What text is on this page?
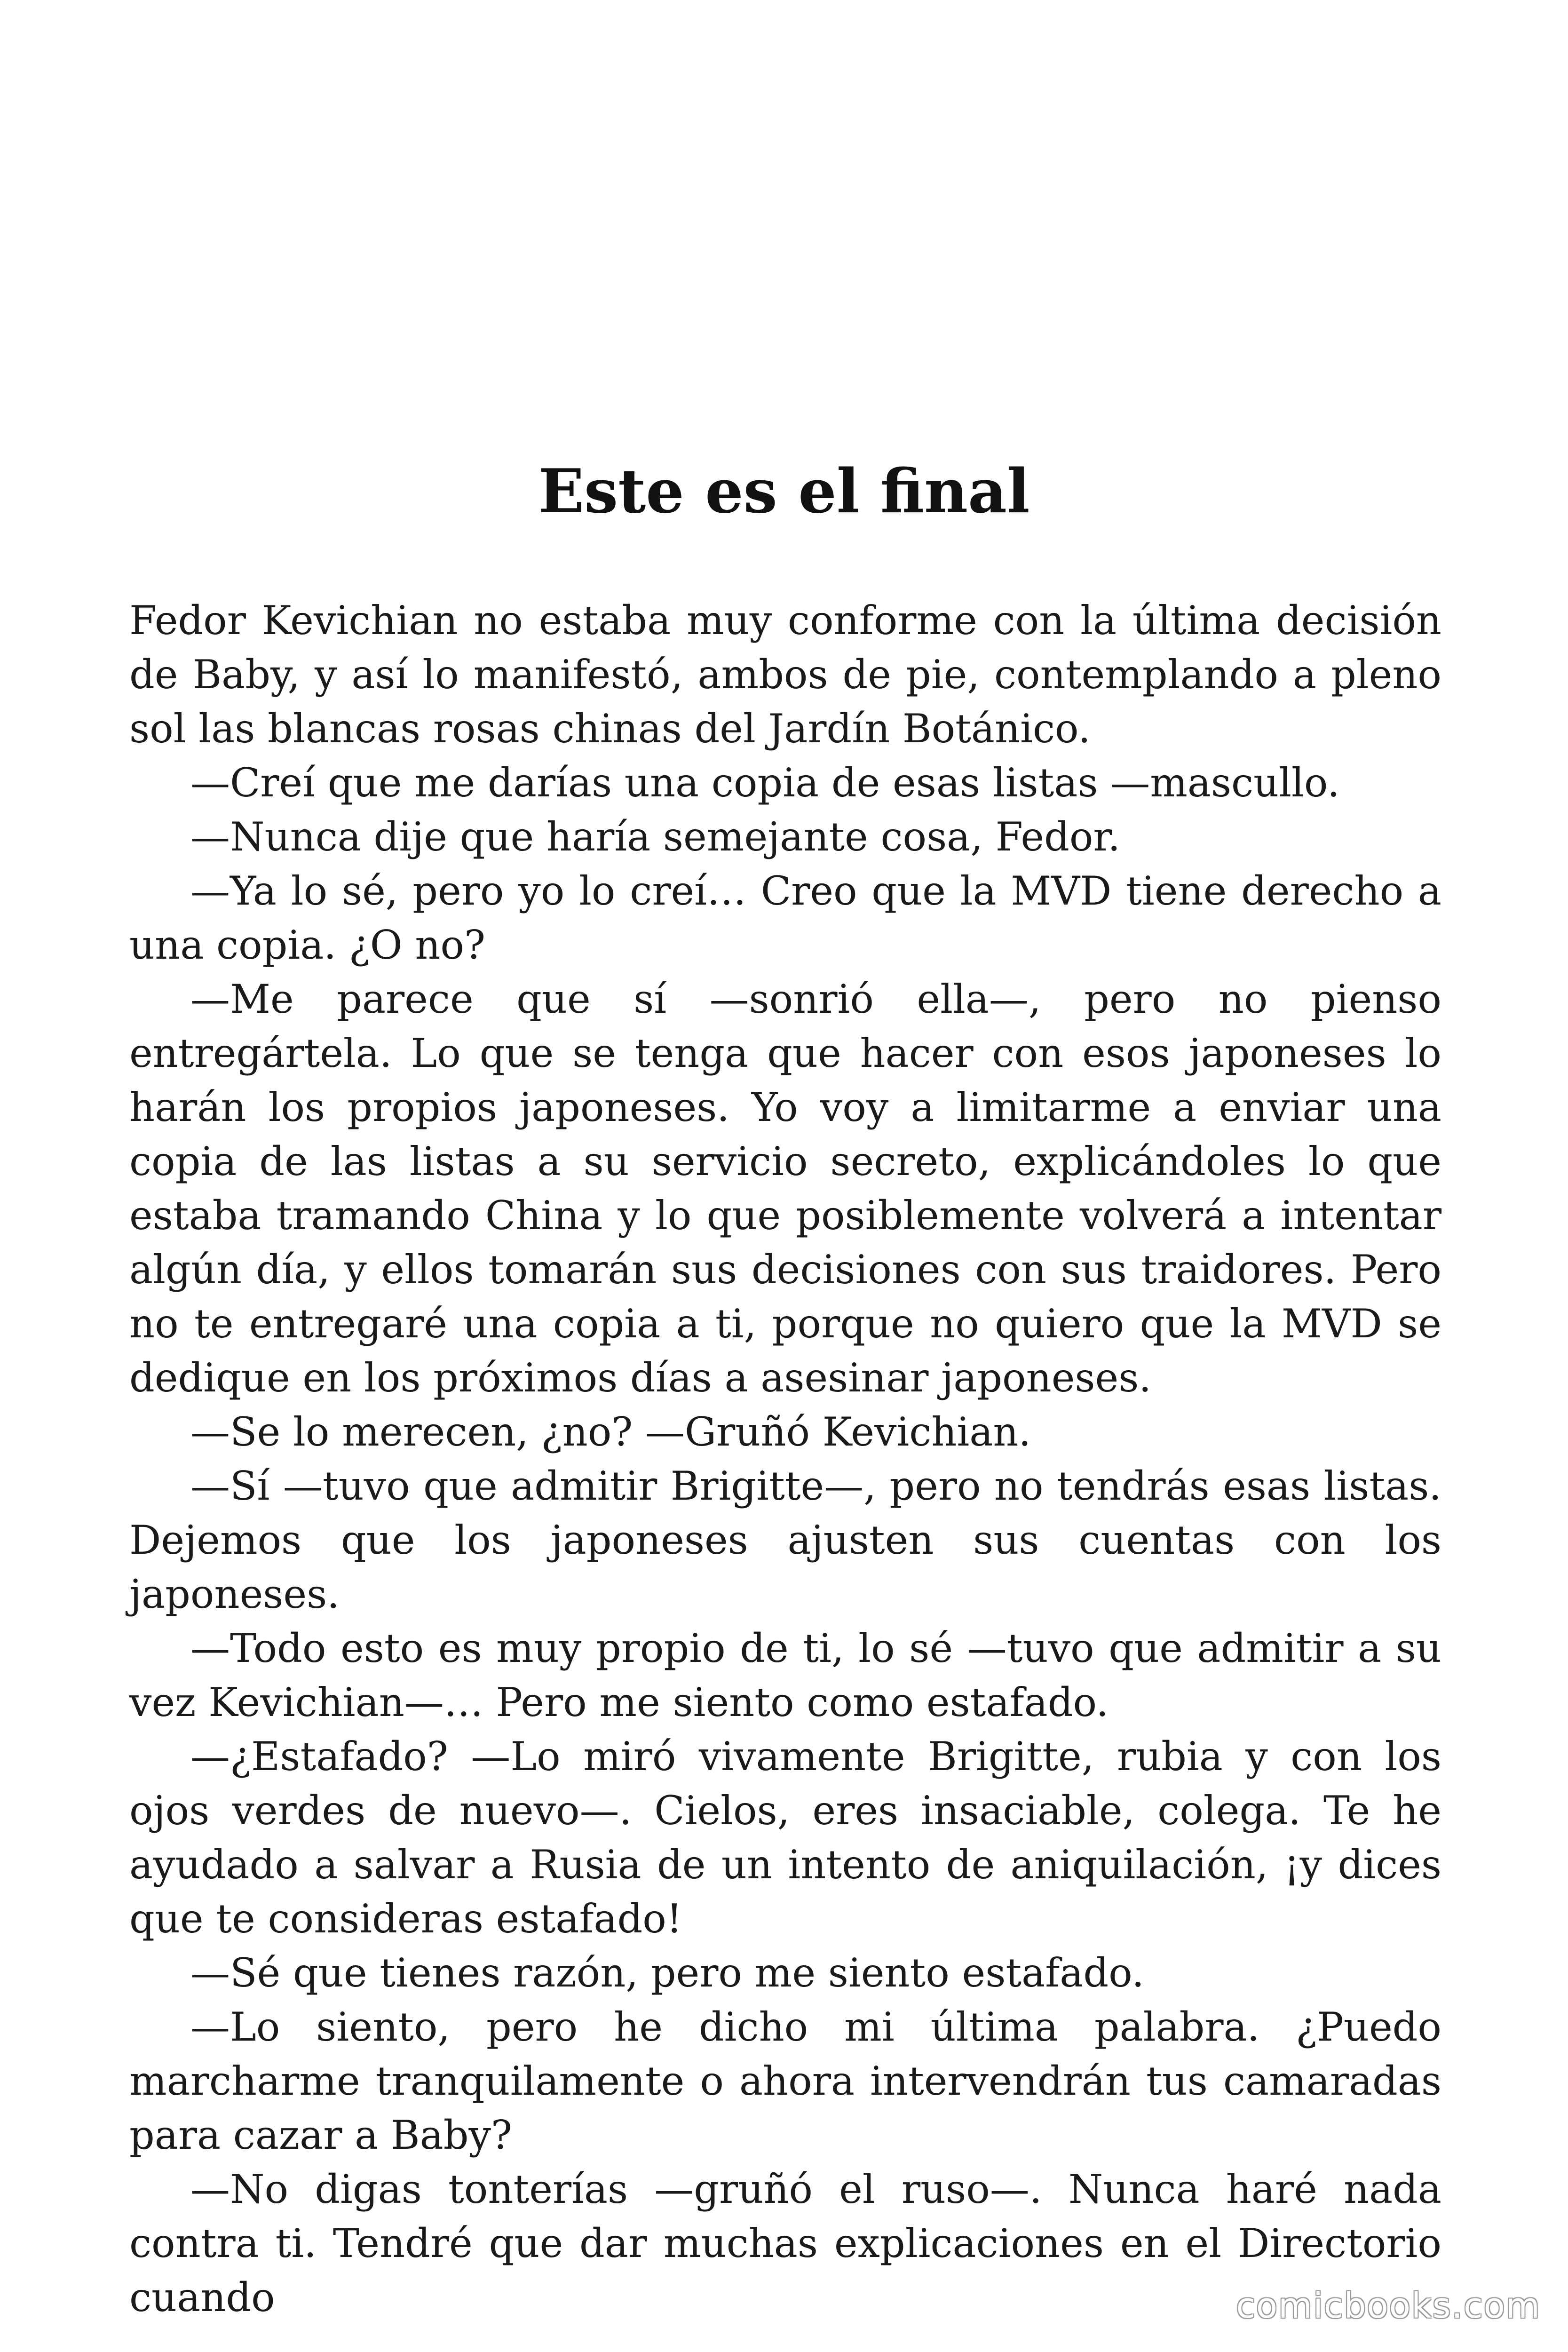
Este es el final

Fedor Kevichian no estaba muy conforme con la última decisión de Baby, y así lo manifestó, ambos de pie, contemplando a pleno sol las blancas rosas chinas del Jardín Botánico.

—Creí que me darías una copia de esas listas —mascullo.

—Nunca dije que haría semejante cosa, Fedor.

—Ya lo sé, pero yo lo creí… Creo que la MVD tiene derecho a una copia. ¿O no?

—Me parece que sí —sonrió ella—, pero no pienso entregártela. Lo que se tenga que hacer con esos japoneses lo harán los propios japoneses. Yo voy a limitarme a enviar una copia de las listas a su servicio secreto, explicándoles lo que estaba tramando China y lo que posiblemente volverá a intentar algún día, y ellos tomarán sus decisiones con sus traidores. Pero no te entregaré una copia a ti, porque no quiero que la MVD se dedique en los próximos días a asesinar japoneses.

—Se lo merecen, ¿no? —Gruñó Kevichian.

—Sí —tuvo que admitir Brigitte—, pero no tendrás esas listas. Dejemos que los japoneses ajusten sus cuentas con los japoneses.

—Todo esto es muy propio de ti, lo sé —tuvo que admitir a su vez Kevichian—… Pero me siento como estafado.

—¿Estafado? —Lo miró vivamente Brigitte, rubia y con los ojos verdes de nuevo—. Cielos, eres insaciable, colega. Te he ayudado a salvar a Rusia de un intento de aniquilación, ¡y dices que te consideras estafado!

—Sé que tienes razón, pero me siento estafado.

—Lo siento, pero he dicho mi última palabra. ¿Puedo marcharme tranquilamente o ahora intervendrán tus camaradas para cazar a Baby?

—No digas tonterías —gruñó el ruso—. Nunca haré nada contra ti. Tendré que dar muchas explicaciones en el Directorio cuando	comicbooks.com
